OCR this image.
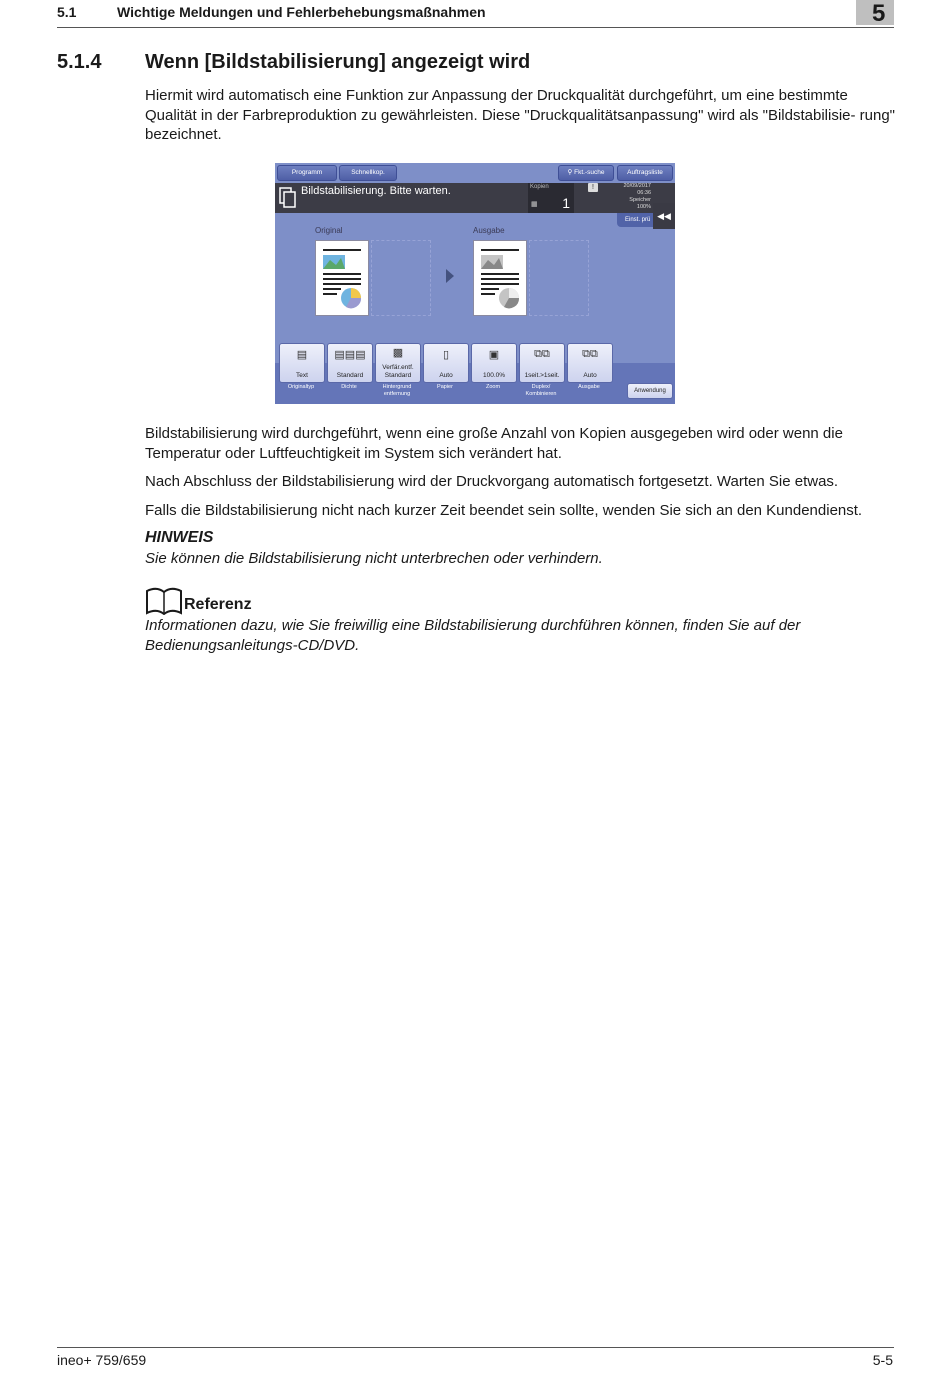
5.1	Wichtige Meldungen und Fehlerbehebungsmaßnahmen	5
5.1.4 Wenn [Bildstabilisierung] angezeigt wird
Hiermit wird automatisch eine Funktion zur Anpassung der Druckqualität durchgeführt, um eine bestimmte Qualität in der Farbreproduktion zu gewährleisten. Diese "Druckqualitätsanpassung" wird als "Bildstabilisie- rung" bezeichnet.
Programm	Schnellkop.	⚲ Fkt.-suche	Auftragsliste
Bildstabilisierung. Bitte warten.	Kopien
▦ 1
!	20/09/2017
06:36
Speicher
100%
Einst. prü ◀◀
Original	Ausgabe
▤
Text
Originaltyp
▤▤▤
Standard
Dichte
▩
Verfär.entf. Standard
Hintergrund entfernung
▯
Auto
Papier
▣
100.0%
Zoom
⧉⧉
1seit.>1seit.
Duplex/ Kombinieren
⧉⧉
Auto
Ausgabe
Anwendung
Bildstabilisierung wird durchgeführt, wenn eine große Anzahl von Kopien ausgegeben wird oder wenn die Temperatur oder Luftfeuchtigkeit im System sich verändert hat.
Nach Abschluss der Bildstabilisierung wird der Druckvorgang automatisch fortgesetzt. Warten Sie etwas.
Falls die Bildstabilisierung nicht nach kurzer Zeit beendet sein sollte, wenden Sie sich an den Kundendienst.
HINWEIS
Sie können die Bildstabilisierung nicht unterbrechen oder verhindern.
Referenz
Informationen dazu, wie Sie freiwillig eine Bildstabilisierung durchführen können, finden Sie auf der Bedienungsanleitungs-CD/DVD.
ineo+ 759/659	5-5
